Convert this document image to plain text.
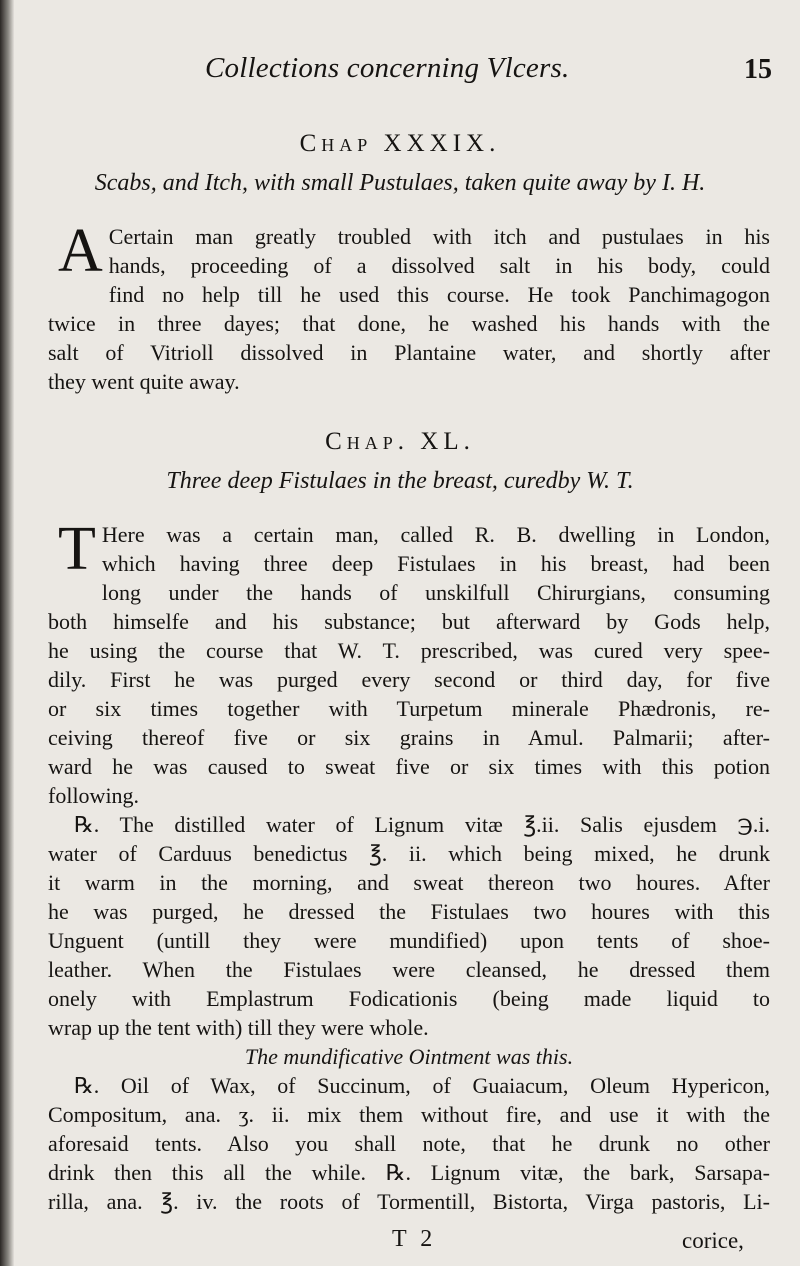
Collections concerning Vlcers.	15
Chap XXXIX.
Scabs, and Itch, with small Pustulaes, taken quite away by I. H.
A Certain man greatly troubled with itch and pustulaes in his
hands, proceeding of a dissolved salt in his body, could
find no help till he used this course. He took Panchimagogon
twice in three dayes; that done, he washed his hands with the
salt of Vitrioll dissolved in Plantaine water, and shortly after
they went quite away.
Chap. XL.
Three deep Fistulaes in the breast, curedby W. T.
T Here was a certain man, called R. B. dwelling in London,
which having three deep Fistulaes in his breast, had been
long under the hands of unskilfull Chirurgians, consuming
both himselfe and his substance; but afterward by Gods help,
he using the course that W. T. prescribed, was cured very spee-
dily. First he was purged every second or third day, for five
or six times together with Turpetum minerale Phædronis, re-
ceiving thereof five or six grains in Amul. Palmarii; after-
ward he was caused to sweat five or six times with this potion
following.
℞. The distilled water of Lignum vitæ ℥.ii. Salis ejusdem ℈.i.
water of Carduus benedictus ℥. ii. which being mixed, he drunk
it warm in the morning, and sweat thereon two houres. After
he was purged, he dressed the Fistulaes two houres with this
Unguent (untill they were mundified) upon tents of shoe-
leather. When the Fistulaes were cleansed, he dressed them
onely with Emplastrum Fodicationis (being made liquid to
wrap up the tent with) till they were whole.
The mundificative Ointment was this.
℞. Oil of Wax, of Succinum, of Guaiacum, Oleum Hypericon,
Compositum, ana. ʒ. ii. mix them without fire, and use it with the
aforesaid tents. Also you shall note, that he drunk no other
drink then this all the while. ℞. Lignum vitæ, the bark, Sarsapa-
rilla, ana. ℥. iv. the roots of Tormentill, Bistorta, Virga pastoris, Li-
T 2	corice,
